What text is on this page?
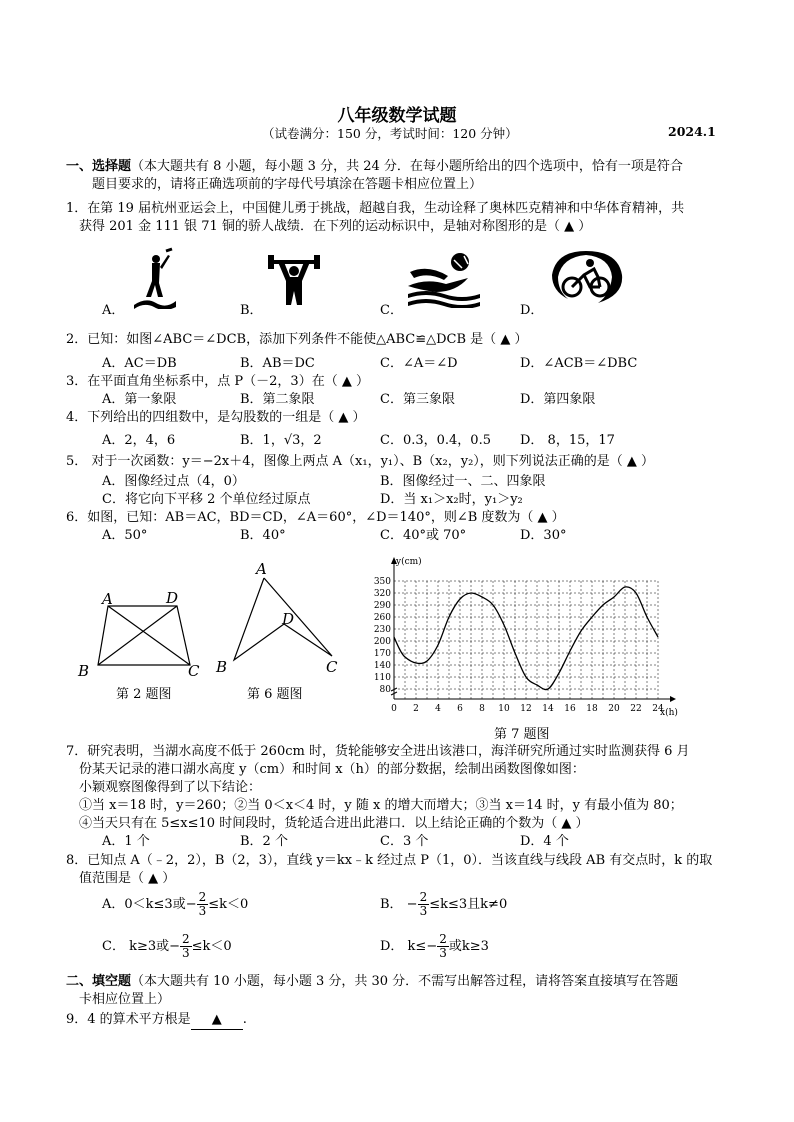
八年级数学试题
（试卷满分：150 分，考试时间：120 分钟）	2024.1
一、选择题（本大题共有 8 小题，每小题 3 分，共 24 分．在每小题所给出的四个选项中，恰有一项是符合
题目要求的，请将正确选项前的字母代号填涂在答题卡相应位置上）
1．在第 19 届杭州亚运会上，中国健儿勇于挑战，超越自我，生动诠释了奥林匹克精神和中华体育精神，共
获得 201 金 111 银 71 铜的骄人战绩．在下列的运动标识中，是轴对称图形的是（ ▲ ）
A．	B．	C．	D．
2．已知：如图∠ABC＝∠DCB，添加下列条件不能使△ABC≌△DCB 是（ ▲ ）
A．AC＝DB	B．AB＝DC	C．∠A＝∠D	D．∠ACB＝∠DBC
3．在平面直角坐标系中，点 P（－2，3）在（ ▲ ）
A．第一象限	B．第二象限	C．第三象限	D．第四象限
4．下列给出的四组数中，是勾股数的一组是（ ▲ ）
A．2，4，6	B．1，√3，2	C．0.3，0.4，0.5 D． 8，15，17
5． 对于一次函数：y＝−2x＋4，图像上两点 A（x₁，y₁）、B（x₂，y₂），则下列说法正确的是（ ▲ ）
A．图像经过点（4，0）	B．图像经过一、二、四象限
C．将它向下平移 2 个单位经过原点	D．当 x₁＞x₂时，y₁＞y₂
6．如图，已知：AB＝AC，BD＝CD，∠A＝60°，∠D＝140°，则∠B 度数为（ ▲ ）
A．50°	B．40°	C．40°或 70°	D．30°
A	D
B	C
第 2 题图
A
D
B	C
第 6 题图
0 2 4 6 8 10 12 14 16 18 20 22 24
80
110
140
170
200
230
260
290
320
350
y(cm)
x(h)
第 7 题图
7．研究表明，当湖水高度不低于 260cm 时，货轮能够安全进出该港口，海洋研究所通过实时监测获得 6 月
份某天记录的港口湖水高度 y（cm）和时间 x（h）的部分数据，绘制出函数图像如图：
小颖观察图像得到了以下结论：
①当 x＝18 时，y＝260；②当 0＜x＜4 时，y 随 x 的增大而增大；③当 x＝14 时，y 有最小值为 80；
④当天只有在 5≤x≤10 时间段时，货轮适合进出此港口．以上结论正确的个数为（ ▲ ）
A．1 个	B．2 个	C．3 个	D．4 个
8．已知点 A（﹣2，2），B（2，3），直线 y＝kx﹣k 经过点 P（1，0）．当该直线与线段 AB 有交点时，k 的取
值范围是（ ▲ ）
A．0＜k≤3或− $\frac{2}{3} \le k<0$	B． − $\frac{2}{3} \le k\le 3$且k≠0
C． k≥3或− $\frac{2}{3} \le k<0$	D． $k\le- \frac{2}{3}$ 或k≥3
二、填空题（本大题共有 10 小题，每小题 3 分，共 30 分．不需写出解答过程，请将答案直接填写在答题
卡相应位置上）
9．4 的算术平方根是 ▲ .
